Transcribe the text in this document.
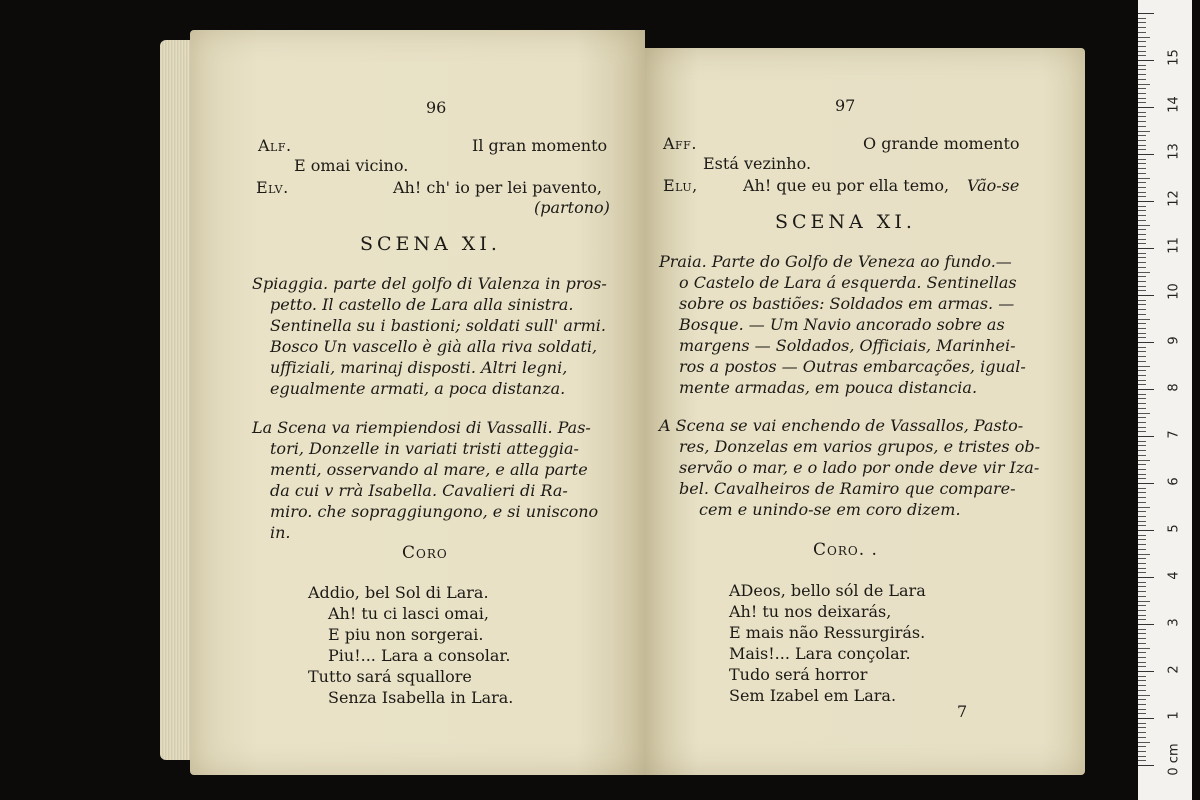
96
Alf.	Il gran momento
E omai vicino.
Elv.	Ah! ch' io per lei pavento,
(partono)
SCENA XI.
Spiaggia. parte del golfo di Valenza in pros-
petto. Il castello de Lara alla sinistra.
Sentinella su i bastioni; soldati sull' armi.
Bosco Un vascello è già alla riva soldati,
uffiziali, marinaj disposti. Altri legni,
egualmente armati, a poca distanza.
La Scena va riempiendosi di Vassalli. Pas-
tori, Donzelle in variati tristi atteggia-
menti, osservando al mare, e alla parte
da cui v rrà Isabella. Cavalieri di Ra-
miro. che sopraggiungono, e si uniscono
in.
Coro
Addio, bel Sol di Lara.
Ah! tu ci lasci omai,
E piu non sorgerai.
Piu!... Lara a consolar.
Tutto sará squallore
Senza Isabella in Lara.
97
Aff.	O grande momento
Está vezinho.
Elu,	Ah! que eu por ella temo, Vão-se
SCENA XI.
Praia. Parte do Golfo de Veneza ao fundo.—
o Castelo de Lara á esquerda. Sentinellas
sobre os bastiões: Soldados em armas. —
Bosque. — Um Navio ancorado sobre as
margens — Soldados, Officiais, Marinhei-
ros a postos — Outras embarcações, igual-
mente armadas, em pouca distancia.
A Scena se vai enchendo de Vassallos, Pasto-
res, Donzelas em varios grupos, e tristes ob-
servão o mar, e o lado por onde deve vir Iza-
bel. Cavalheiros de Ramiro que compare-
cem e unindo-se em coro dizem.
Coro. .
ADeos, bello sól de Lara
Ah! tu nos deixarás,
E mais não Ressurgirás.
Mais!... Lara conçolar.
Tudo será horror
Sem Izabel em Lara.
7
0 cm
1
2
3
4
5
6
7
8
9
10
11
12
13
14
15
